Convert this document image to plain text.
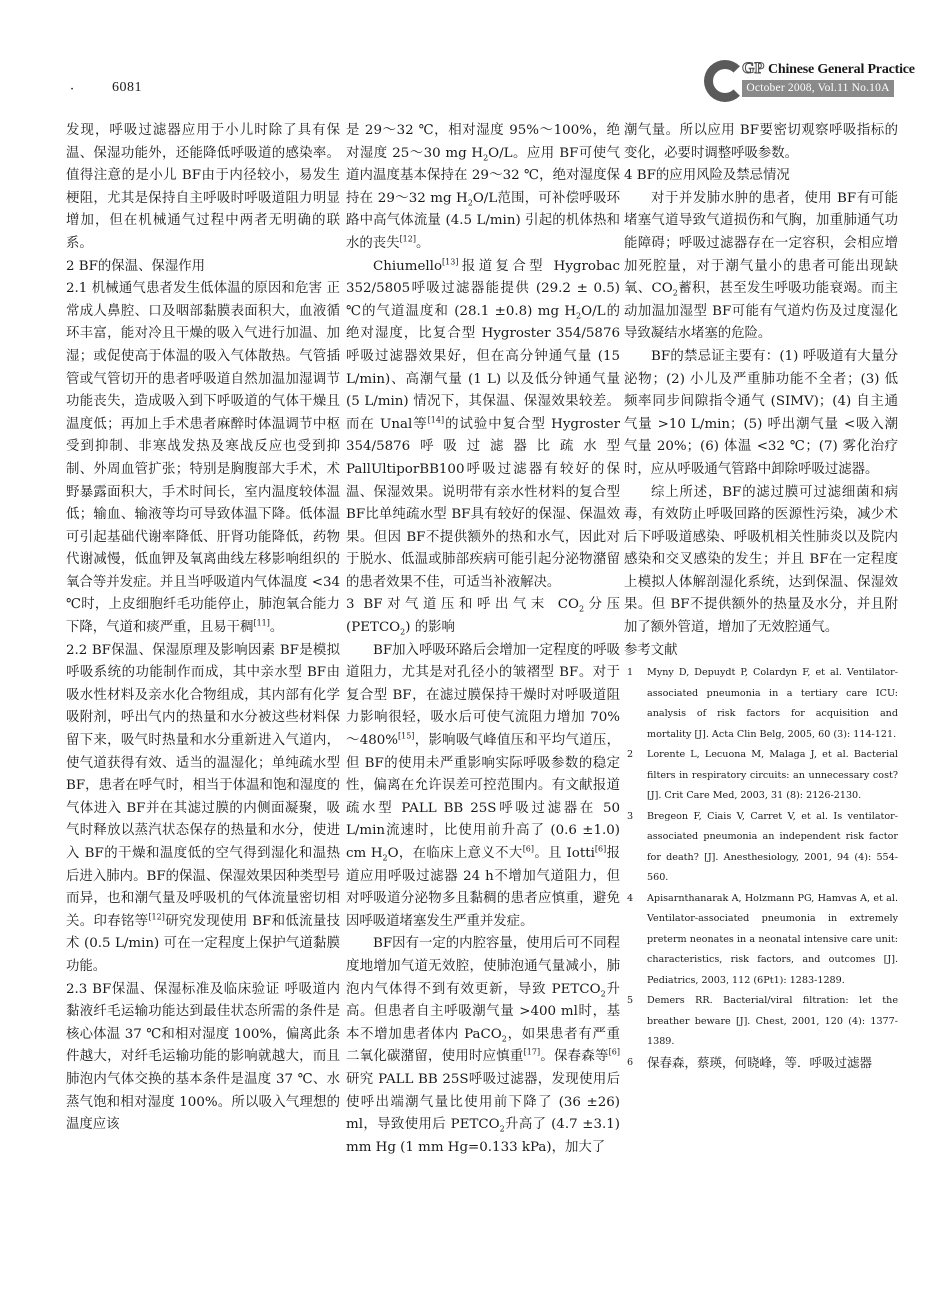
·	6081
GP Chinese General Practice
October 2008, Vol.11 No.10A

发现，呼吸过滤器应用于小儿时除了具有保温、保湿功能外，还能降低呼吸道的感染率。值得注意的是小儿 BF由于内径较小，易发生梗阻，尤其是保持自主呼吸时呼吸道阻力明显增加，但在机械通气过程中两者无明确的联系。

2 BF的保温、保湿作用

2.1 机械通气患者发生低体温的原因和危害 正常成人鼻腔、口及咽部黏膜表面积大，血液循环丰富，能对冷且干燥的吸入气进行加温、加湿；或促使高于体温的吸入气体散热。气管插管或气管切开的患者呼吸道自然加温加湿调节功能丧失，造成吸入到下呼吸道的气体干燥且温度低；再加上手术患者麻醉时体温调节中枢受到抑制、非寒战发热及寒战反应也受到抑制、外周血管扩张；特别是胸腹部大手术，术野暴露面积大，手术时间长，室内温度较体温低；输血、输液等均可导致体温下降。低体温可引起基础代谢率降低、肝肾功能降低，药物代谢减慢，低血钾及氧离曲线左移影响组织的氧合等并发症。并且当呼吸道内气体温度 <34 ℃时，上皮细胞纤毛功能停止，肺泡氧合能力下降，气道和痰严重，且易干稠[11]。

2.2 BF保温、保湿原理及影响因素 BF是模拟呼吸系统的功能制作而成，其中亲水型 BF由吸水性材料及亲水化合物组成，其内部有化学吸附剂，呼出气内的热量和水分被这些材料保留下来，吸气时热量和水分重新进入气道内，使气道获得有效、适当的温湿化；单纯疏水型 BF，患者在呼气时，相当于体温和饱和湿度的气体进入 BF并在其滤过膜的内侧面凝聚，吸气时释放以蒸汽状态保存的热量和水分，使进入 BF的干燥和温度低的空气得到湿化和温热后进入肺内。BF的保温、保湿效果因种类型号而异，也和潮气量及呼吸机的气体流量密切相关。印春铭等[12]研究发现使用 BF和低流量技术 (0.5 L/min) 可在一定程度上保护气道黏膜功能。

2.3 BF保温、保湿标准及临床验证 呼吸道内黏液纤毛运输功能达到最佳状态所需的条件是核心体温 37 ℃和相对湿度 100%，偏离此条件越大，对纤毛运输功能的影响就越大，而且肺泡内气体交换的基本条件是温度 37 ℃、水蒸气饱和相对湿度 100%。所以吸入气理想的温度应该

是 29～32 ℃，相对湿度 95%～100%，绝对湿度 25～30 mg $H_2O/L$。应用 BF可使气道内温度基本保持在 29～32 ℃，绝对湿度保持在 29～32 mg $H_2O/L$范围，可补偿呼吸环路中高气体流量 (4.5 L/min) 引起的机体热和水的丧失[12]。

Chiumello[13]报道复合型 Hygrobac 352/5805呼吸过滤器能提供 (29.2 ± 0.5) ℃的气道温度和 (28.1 ±0.8) mg $H_2O/L$的绝对湿度，比复合型 Hygroster 354/5876呼吸过滤器效果好，但在高分钟通气量 (15 L/min)、高潮气量 (1 L) 以及低分钟通气量 (5 L/min) 情况下，其保温、保湿效果较差。而在 Unal等[14]的试验中复合型 Hygroster 354/5876呼吸过滤器比疏水型 PallUltiporBB100呼吸过滤器有较好的保温、保湿效果。说明带有亲水性材料的复合型 BF比单纯疏水型 BF具有较好的保湿、保温效果。但因 BF不提供额外的热和水气，因此对于脱水、低温或肺部疾病可能引起分泌物潴留的患者效果不佳，可适当补液解决。

3 BF对气道压和呼出气末 $CO_2$分压 $(PETCO_2)$ 的影响

BF加入呼吸环路后会增加一定程度的呼吸道阻力，尤其是对孔径小的皱褶型 BF。对于复合型 BF，在滤过膜保持干燥时对呼吸道阻力影响很轻，吸水后可使气流阻力增加 70%～480%[15]，影响吸气峰值压和平均气道压，但 BF的使用未严重影响实际呼吸参数的稳定性，偏离在允许误差可控范围内。有文献报道疏水型 PALL BB 25S呼吸过滤器在 50 L/min流速时，比使用前升高了 (0.6 ±1.0) cm $H_2O$，在临床上意义不大[6]。且 Iotti[6]报道应用呼吸过滤器 24 h不增加气道阻力，但对呼吸道分泌物多且黏稠的患者应慎重，避免因呼吸道堵塞发生严重并发症。

BF因有一定的内腔容量，使用后可不同程度地增加气道无效腔，使肺泡通气量减小，肺泡内气体得不到有效更新，导致 $PETCO_2$升高。但患者自主呼吸潮气量 >400 ml时，基本不增加患者体内 PaCO$_2$，如果患者有严重二氧化碳潴留，使用时应慎重[17]。保春森等[6]研究 PALL BB 25S呼吸过滤器，发现使用后使呼出端潮气量比使用前下降了 (36 ±26) ml，导致使用后 $PETCO_2$升高了 (4.7 ±3.1) mm Hg (1 mm Hg=0.133 kPa)，加大了

潮气量。所以应用 BF要密切观察呼吸指标的变化，必要时调整呼吸参数。

4 BF的应用风险及禁忌情况

对于并发肺水肿的患者，使用 BF有可能堵塞气道导致气道损伤和气胸，加重肺通气功能障碍；呼吸过滤器存在一定容积，会相应增加死腔量，对于潮气量小的患者可能出现缺氧、$CO_2$蓄积，甚至发生呼吸功能衰竭。而主动加温加湿型 BF可能有气道灼伤及过度湿化导致凝结水堵塞的危险。

BF的禁忌证主要有：(1) 呼吸道有大量分泌物；(2) 小儿及严重肺功能不全者；(3) 低频率同步间隙指令通气 (SIMV)；(4) 自主通气量 >10 L/min；(5) 呼出潮气量 <吸入潮气量 20%；(6) 体温 <32 ℃；(7) 雾化治疗时，应从呼吸通气管路中卸除呼吸过滤器。

综上所述，BF的滤过膜可过滤细菌和病毒，有效防止呼吸回路的医源性污染，减少术后下呼吸道感染、呼吸机相关性肺炎以及院内感染和交叉感染的发生；并且 BF在一定程度上模拟人体解剖湿化系统，达到保温、保湿效果。但 BF不提供额外的热量及水分，并且附加了额外管道，增加了无效腔通气。

参考文献

1	Myny D, Depuydt P, Colardyn F, et al. Ventilator-associated pneumonia in a tertiary care ICU: analysis of risk factors for acquisition and mortality [J]. Acta Clin Belg, 2005, 60 (3): 114-121.
2	Lorente L, Lecuona M, Malaga J, et al. Bacterial filters in respiratory circuits: an unnecessary cost? [J]. Crit Care Med, 2003, 31 (8): 2126-2130.
3	Bregeon F, Ciais V, Carret V, et al. Is ventilator-associated pneumonia an independent risk factor for death? [J]. Anesthesiology, 2001, 94 (4): 554-560.
4	Apisarnthanarak A, Holzmann PG, Hamvas A, et al. Ventilator-associated pneumonia in extremely preterm neonates in a neonatal intensive care unit: characteristics, risk factors, and outcomes [J]. Pediatrics, 2003, 112 (6Pt1): 1283-1289.
5	Demers RR. Bacterial/viral filtration: let the breather beware [J]. Chest, 2001, 120 (4): 1377-1389.
6	保春森，蔡瑛，何晓峰，等．呼吸过滤器
